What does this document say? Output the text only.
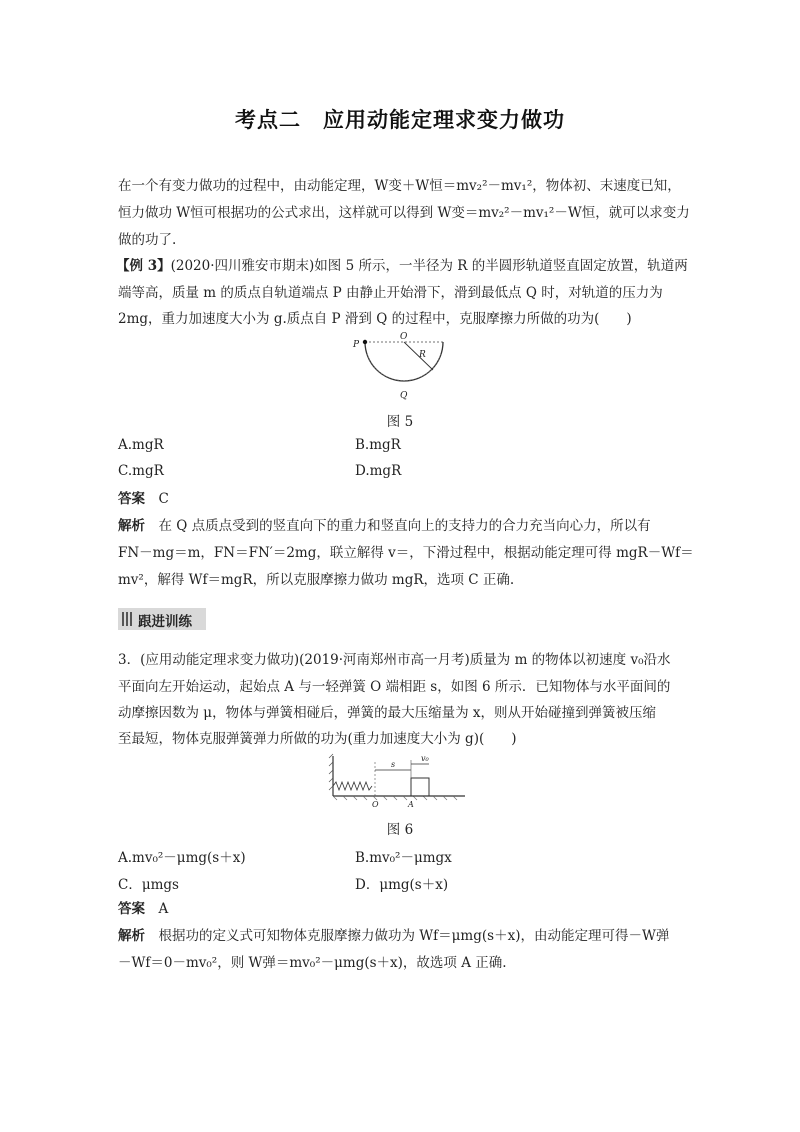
考点二　应用动能定理求变力做功
在一个有变力做功的过程中，由动能定理，W变＋W恒＝mv₂²－mv₁²，物体初、末速度已知，
恒力做功 W恒可根据功的公式求出，这样就可以得到 W变＝mv₂²－mv₁²－W恒，就可以求变力
做的功了.
【例 3】(2020·四川雅安市期末)如图 5 所示，一半径为 R 的半圆形轨道竖直固定放置，轨道两
端等高，质量 m 的质点自轨道端点 P 由静止开始滑下，滑到最低点 Q 时，对轨道的压力为
2mg，重力加速度大小为 g.质点自 P 滑到 Q 的过程中，克服摩擦力所做的功为(　　)
P
O
R
Q
图 5
A.mgR	B.mgR
C.mgR	D.mgR
答案　 C
解析　 在 Q 点质点受到的竖直向下的重力和竖直向上的支持力的合力充当向心力，所以有
FN－mg＝m，FN＝FN′＝2mg，联立解得 v＝，下滑过程中，根据动能定理可得 mgR－Wf＝
mv²，解得 Wf＝mgR，所以克服摩擦力做功 mgR，选项 C 正确.
跟进训练
3．(应用动能定理求变力做功)(2019·河南郑州市高一月考)质量为 m 的物体以初速度 v₀沿水
平面向左开始运动，起始点 A 与一轻弹簧 O 端相距 s，如图 6 所示．已知物体与水平面间的
动摩擦因数为 μ，物体与弹簧相碰后，弹簧的最大压缩量为 x，则从开始碰撞到弹簧被压缩
至最短，物体克服弹簧弹力所做的功为(重力加速度大小为 g)(　　)
s
v₀
O	A
图 6
A.mv₀²－μmg(s＋x)	B.mv₀²－μmgx
C．μmgs	D．μmg(s＋x)
答案　 A
解析　 根据功的定义式可知物体克服摩擦力做功为 Wf＝μmg(s＋x)，由动能定理可得－W弹
－Wf＝0－mv₀²，则 W弹＝mv₀²－μmg(s＋x)，故选项 A 正确.
